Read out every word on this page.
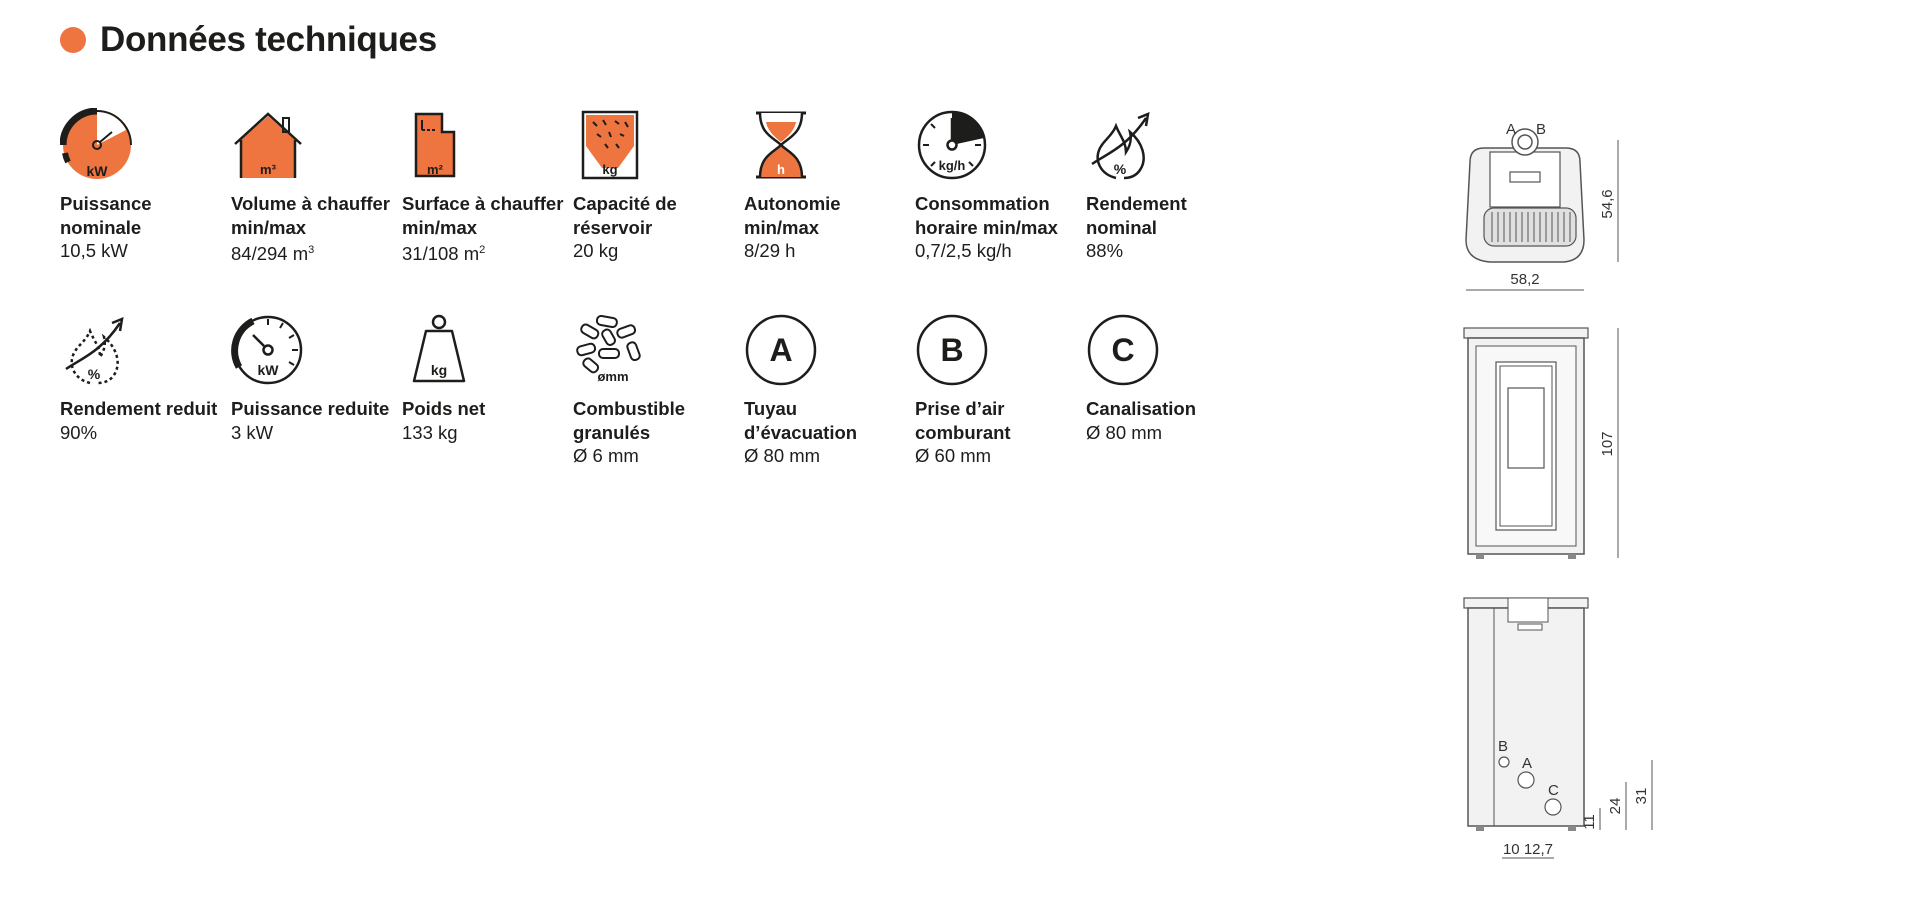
Données techniques
kW
Puissance nominale
10,5 kW
m³
Volume à chauffer min/max
84/294 $m^3$
m²
Surface à chauffer min/max
31/108 $m^2$
kg
Capacité de réservoir
20 kg
h
Autonomie min/max
8/29 h
kg/h
Consommation horaire min/max
0,7/2,5 kg/h
%
Rendement nominal
88%
%
Rendement reduit
90%
kW
Puissance reduite
3 kW
kg
Poids net
133 kg
ømm
Combustible granulés
Ø 6 mm
A
Tuyau d’évacuation
Ø 80 mm
B
Prise d’air comburant
Ø 60 mm
C
Canalisation
Ø 80 mm
A B
58,2
54,6
107
B
A
C
11
24
31
10 12,7
